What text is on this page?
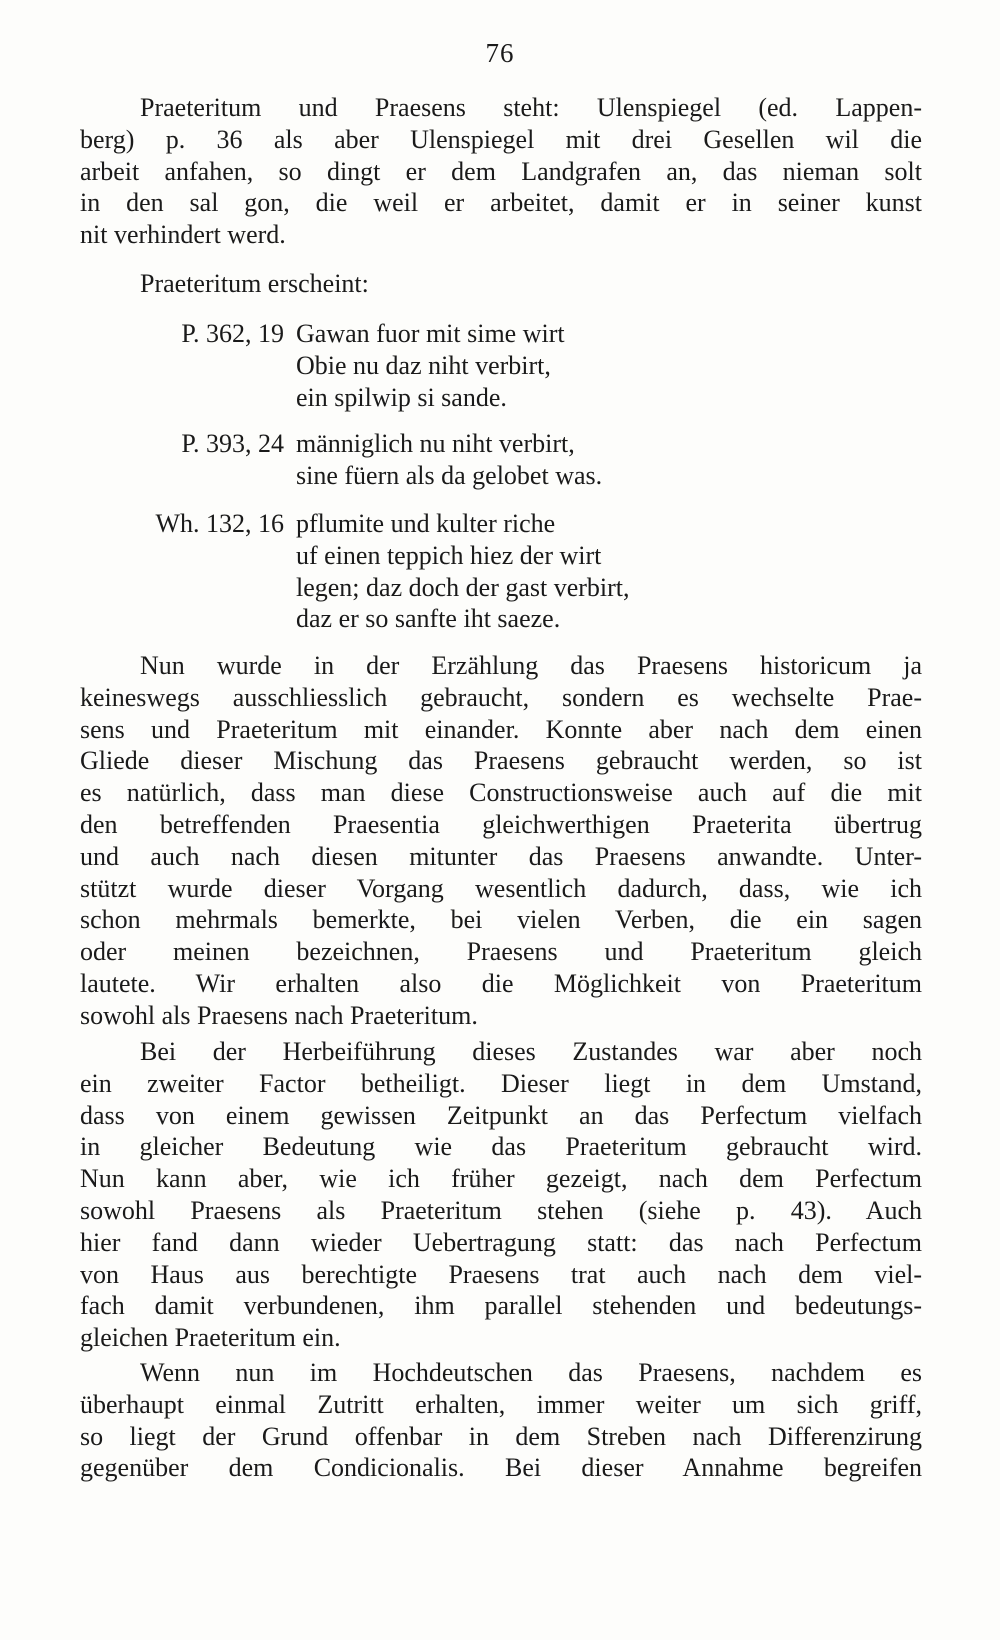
76
Praeteritum und Praesens steht: Ulenspiegel (ed. Lappen-
berg) p. 36 als aber Ulenspiegel mit drei Gesellen wil die
arbeit anfahen, so dingt er dem Landgrafen an, das nieman solt
in den sal gon, die weil er arbeitet, damit er in seiner kunst
nit verhindert werd.
Praeteritum erscheint:
P. 362, 19 Gawan fuor mit sime wirt
Obie nu daz niht verbirt,
ein spilwip si sande.
P. 393, 24 männiglich nu niht verbirt,
sine füern als da gelobet was.
Wh. 132, 16 pflumite und kulter riche
uf einen teppich hiez der wirt
legen; daz doch der gast verbirt,
daz er so sanfte iht saeze.
Nun wurde in der Erzählung das Praesens historicum ja
keineswegs ausschliesslich gebraucht, sondern es wechselte Prae-
sens und Praeteritum mit einander. Konnte aber nach dem einen
Gliede dieser Mischung das Praesens gebraucht werden, so ist
es natürlich, dass man diese Constructionsweise auch auf die mit
den betreffenden Praesentia gleichwerthigen Praeterita übertrug
und auch nach diesen mitunter das Praesens anwandte. Unter-
stützt wurde dieser Vorgang wesentlich dadurch, dass, wie ich
schon mehrmals bemerkte, bei vielen Verben, die ein sagen
oder meinen bezeichnen, Praesens und Praeteritum gleich
lautete. Wir erhalten also die Möglichkeit von Praeteritum
sowohl als Praesens nach Praeteritum.
Bei der Herbeiführung dieses Zustandes war aber noch
ein zweiter Factor betheiligt. Dieser liegt in dem Umstand,
dass von einem gewissen Zeitpunkt an das Perfectum vielfach
in gleicher Bedeutung wie das Praeteritum gebraucht wird.
Nun kann aber, wie ich früher gezeigt, nach dem Perfectum
sowohl Praesens als Praeteritum stehen (siehe p. 43). Auch
hier fand dann wieder Uebertragung statt: das nach Perfectum
von Haus aus berechtigte Praesens trat auch nach dem viel-
fach damit verbundenen, ihm parallel stehenden und bedeutungs-
gleichen Praeteritum ein.
Wenn nun im Hochdeutschen das Praesens, nachdem es
überhaupt einmal Zutritt erhalten, immer weiter um sich griff,
so liegt der Grund offenbar in dem Streben nach Differenzirung
gegenüber dem Condicionalis. Bei dieser Annahme begreifen
